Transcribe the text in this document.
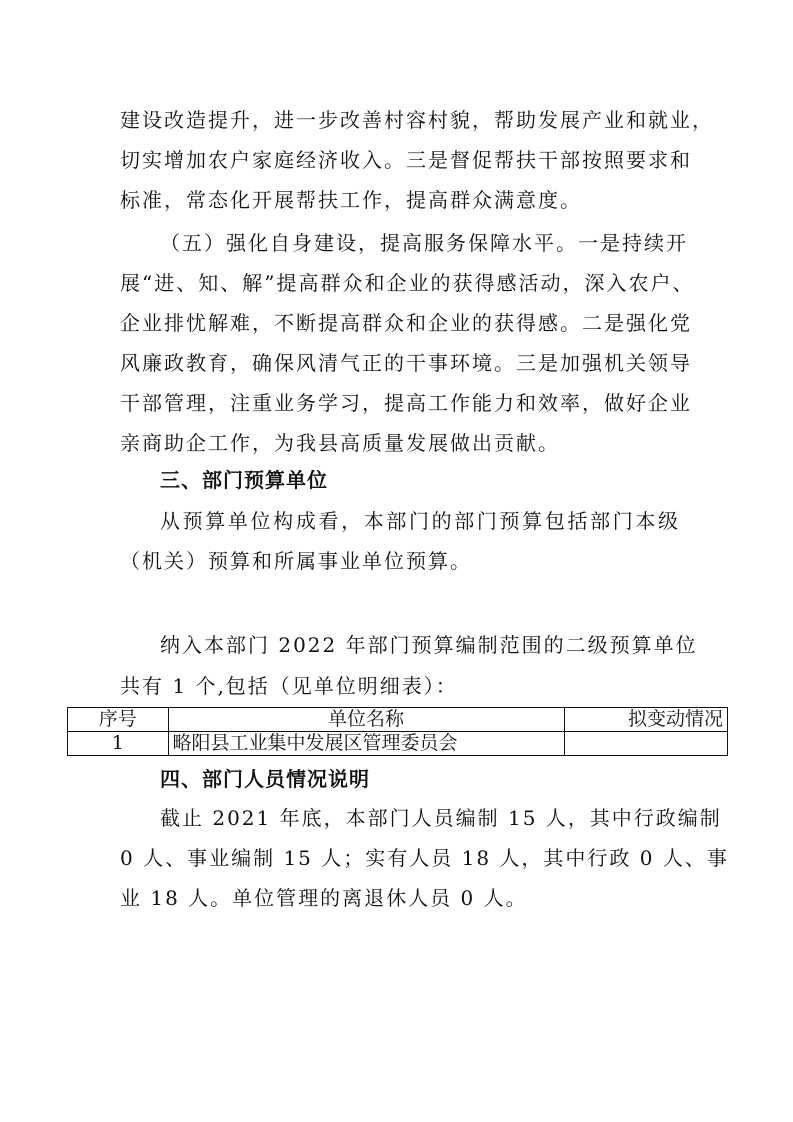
建设改造提升，进一步改善村容村貌，帮助发展产业和就业，
切实增加农户家庭经济收入。三是督促帮扶干部按照要求和
标准，常态化开展帮扶工作，提高群众满意度。
（五）强化自身建设，提高服务保障水平。一是持续开
展“进、知、解”提高群众和企业的获得感活动，深入农户、
企业排忧解难，不断提高群众和企业的获得感。二是强化党
风廉政教育，确保风清气正的干事环境。三是加强机关领导
干部管理，注重业务学习，提高工作能力和效率，做好企业
亲商助企工作，为我县高质量发展做出贡献。
三、部门预算单位
从预算单位构成看，本部门的部门预算包括部门本级
（机关）预算和所属事业单位预算。
纳入本部门 2022 年部门预算编制范围的二级预算单位
共有 1 个,包括（见单位明细表）：
序号	单位名称	拟变动情况
1	略阳县工业集中发展区管理委员会	
四、部门人员情况说明
截止 2021 年底，本部门人员编制 15 人，其中行政编制
0 人、事业编制 15 人；实有人员 18 人，其中行政 0 人、事
业 18 人。单位管理的离退休人员 0 人。
